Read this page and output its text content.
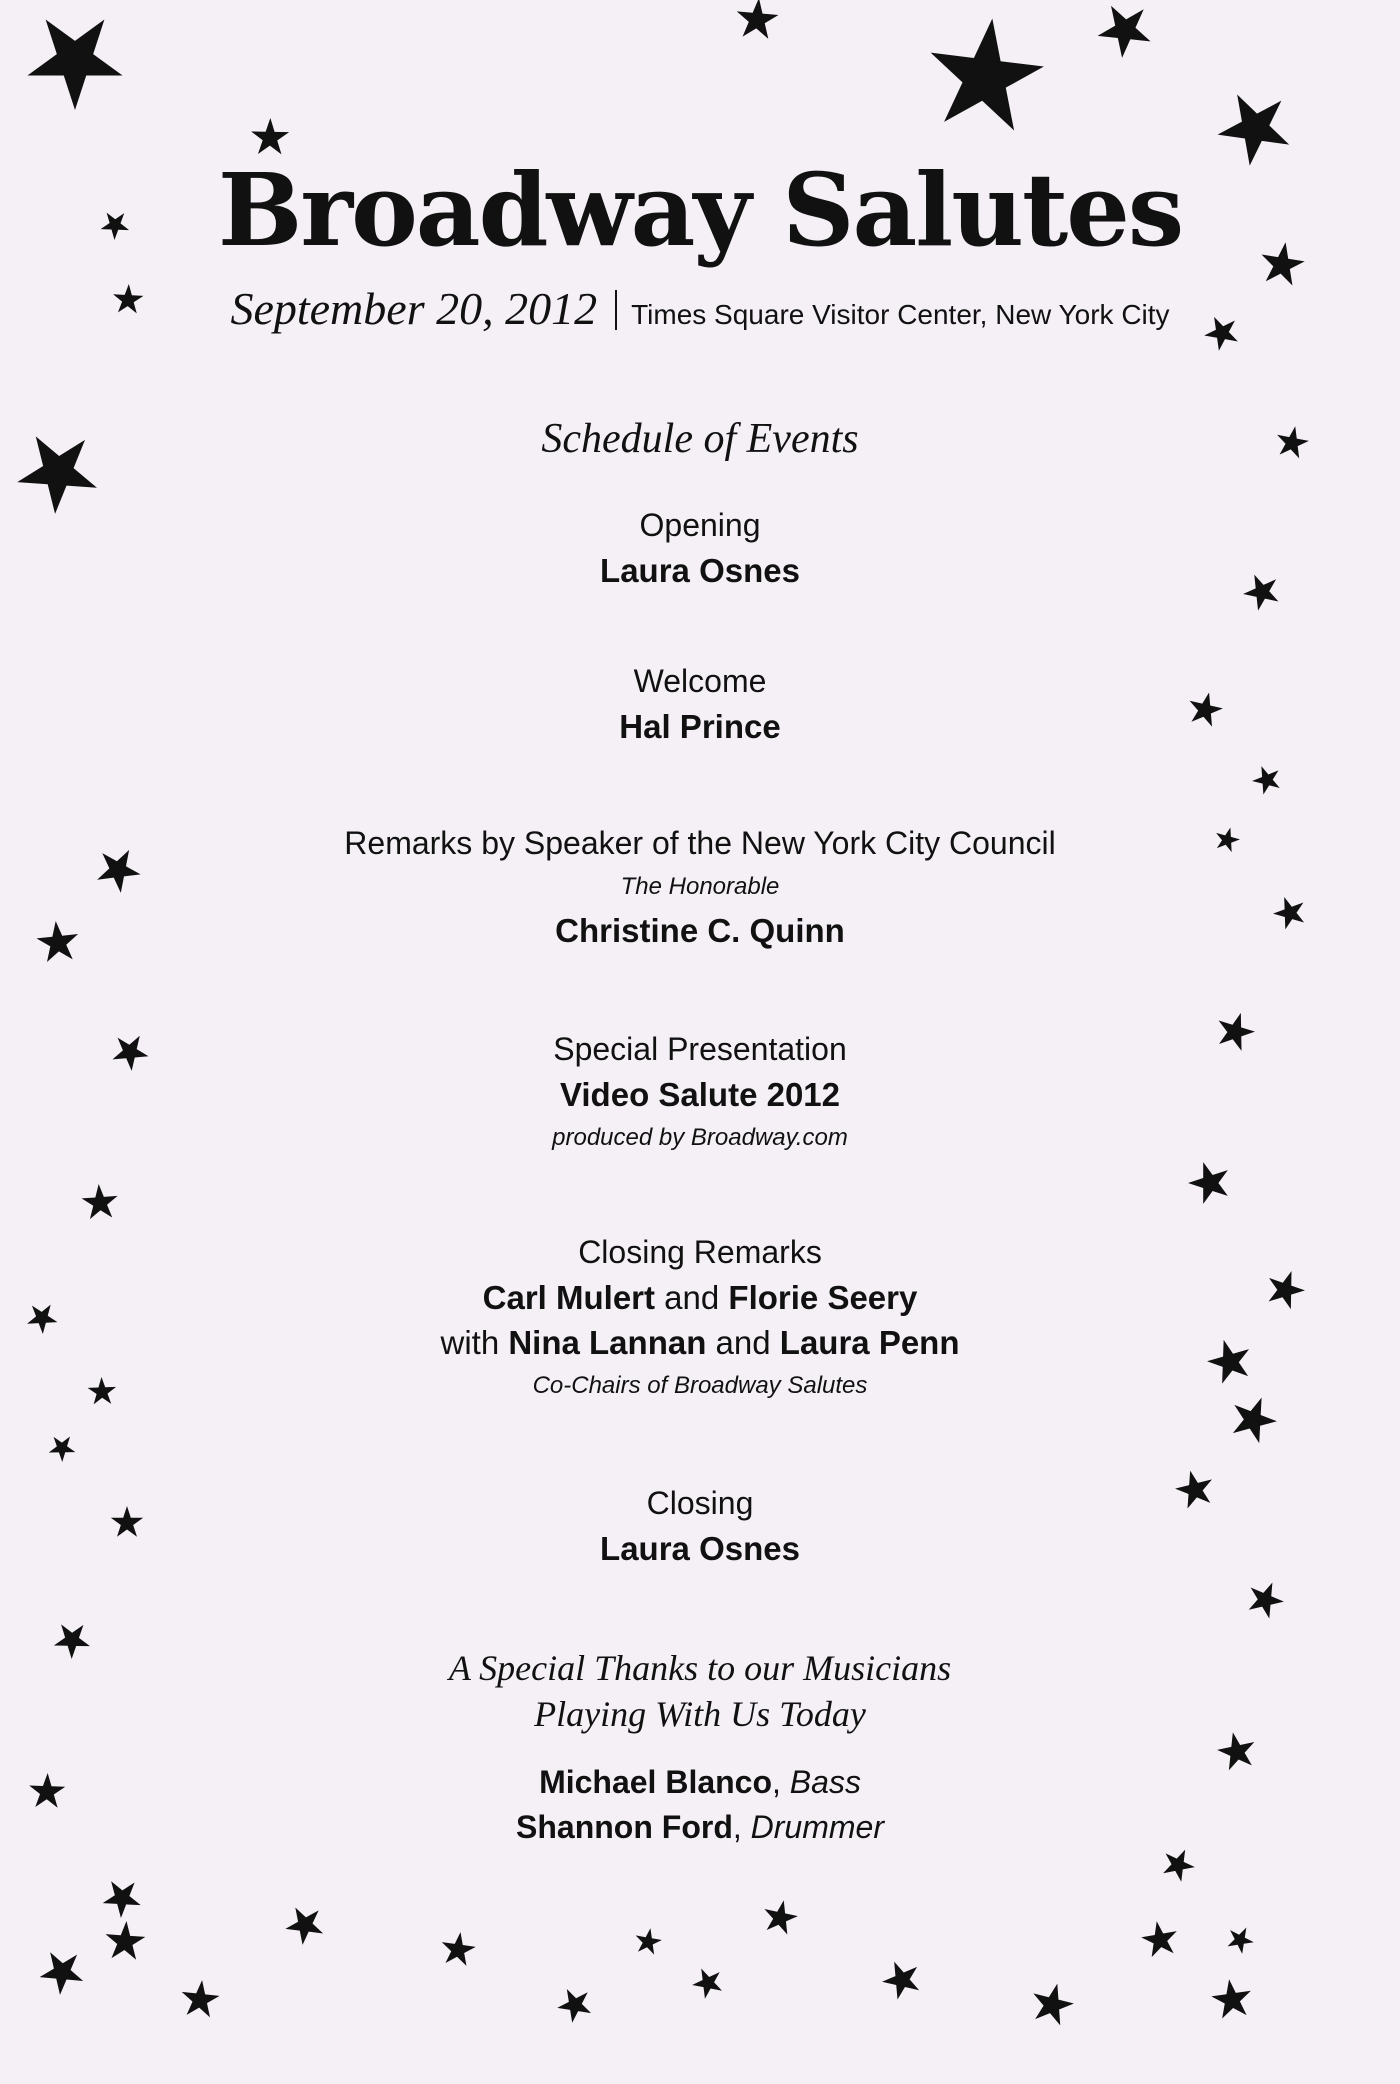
Broadway Salutes
September 20, 2012 Times Square Visitor Center, New York City
Schedule of Events
Opening
Laura Osnes
Welcome
Hal Prince
Remarks by Speaker of the New York City Council
The Honorable
Christine C. Quinn
Special Presentation
Video Salute 2012
produced by Broadway.com
Closing Remarks
Carl Mulert and Florie Seery
with Nina Lannan and Laura Penn
Co-Chairs of Broadway Salutes
Closing
Laura Osnes
A Special Thanks to our Musicians
Playing With Us Today
Michael Blanco, Bass
Shannon Ford, Drummer
